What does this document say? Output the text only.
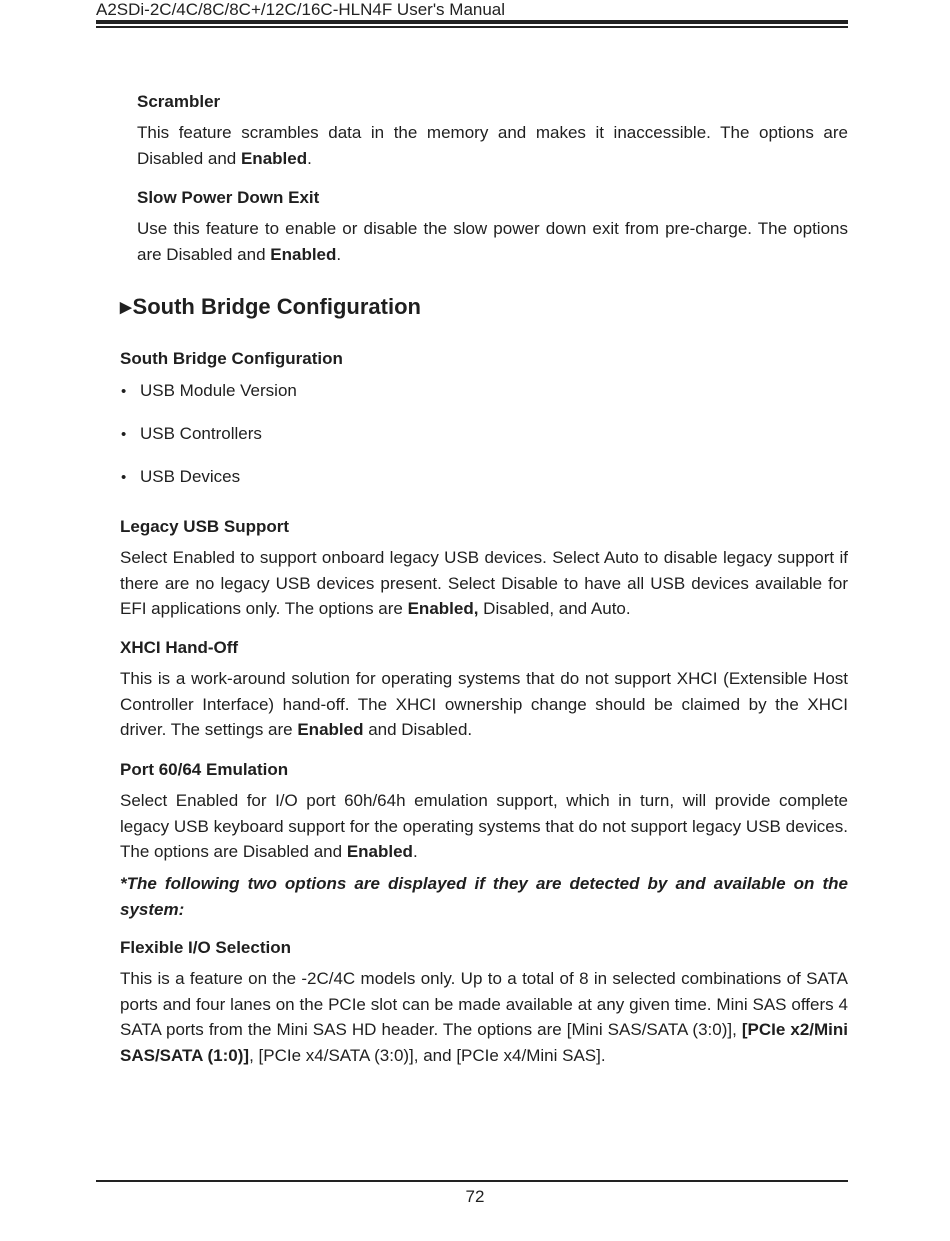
A2SDi-2C/4C/8C/8C+/12C/16C-HLN4F User's Manual
Scrambler
This feature scrambles data in the memory and makes it inaccessible. The options are Disabled and Enabled.
Slow Power Down Exit
Use this feature to enable or disable the slow power down exit from pre-charge. The options are Disabled and Enabled.
▶South Bridge Configuration
South Bridge Configuration
• USB Module Version
• USB Controllers
• USB Devices
Legacy USB Support
Select Enabled to support onboard legacy USB devices. Select Auto to disable legacy support if there are no legacy USB devices present. Select Disable to have all USB devices available for EFI applications only. The options are Enabled, Disabled, and Auto.
XHCI Hand-Off
This is a work-around solution for operating systems that do not support XHCI (Extensible Host Controller Interface) hand-off. The XHCI ownership change should be claimed by the XHCI driver. The settings are Enabled and Disabled.
Port 60/64 Emulation
Select Enabled for I/O port 60h/64h emulation support, which in turn, will provide complete legacy USB keyboard support for the operating systems that do not support legacy USB devices. The options are Disabled and Enabled.
*The following two options are displayed if they are detected by and available on the system:
Flexible I/O Selection
This is a feature on the -2C/4C models only. Up to a total of 8 in selected combinations of SATA ports and four lanes on the PCIe slot can be made available at any given time. Mini SAS offers 4 SATA ports from the Mini SAS HD header. The options are [Mini SAS/SATA (3:0)], [PCIe x2/Mini SAS/SATA (1:0)], [PCIe x4/SATA (3:0)], and [PCIe x4/Mini SAS].
72
